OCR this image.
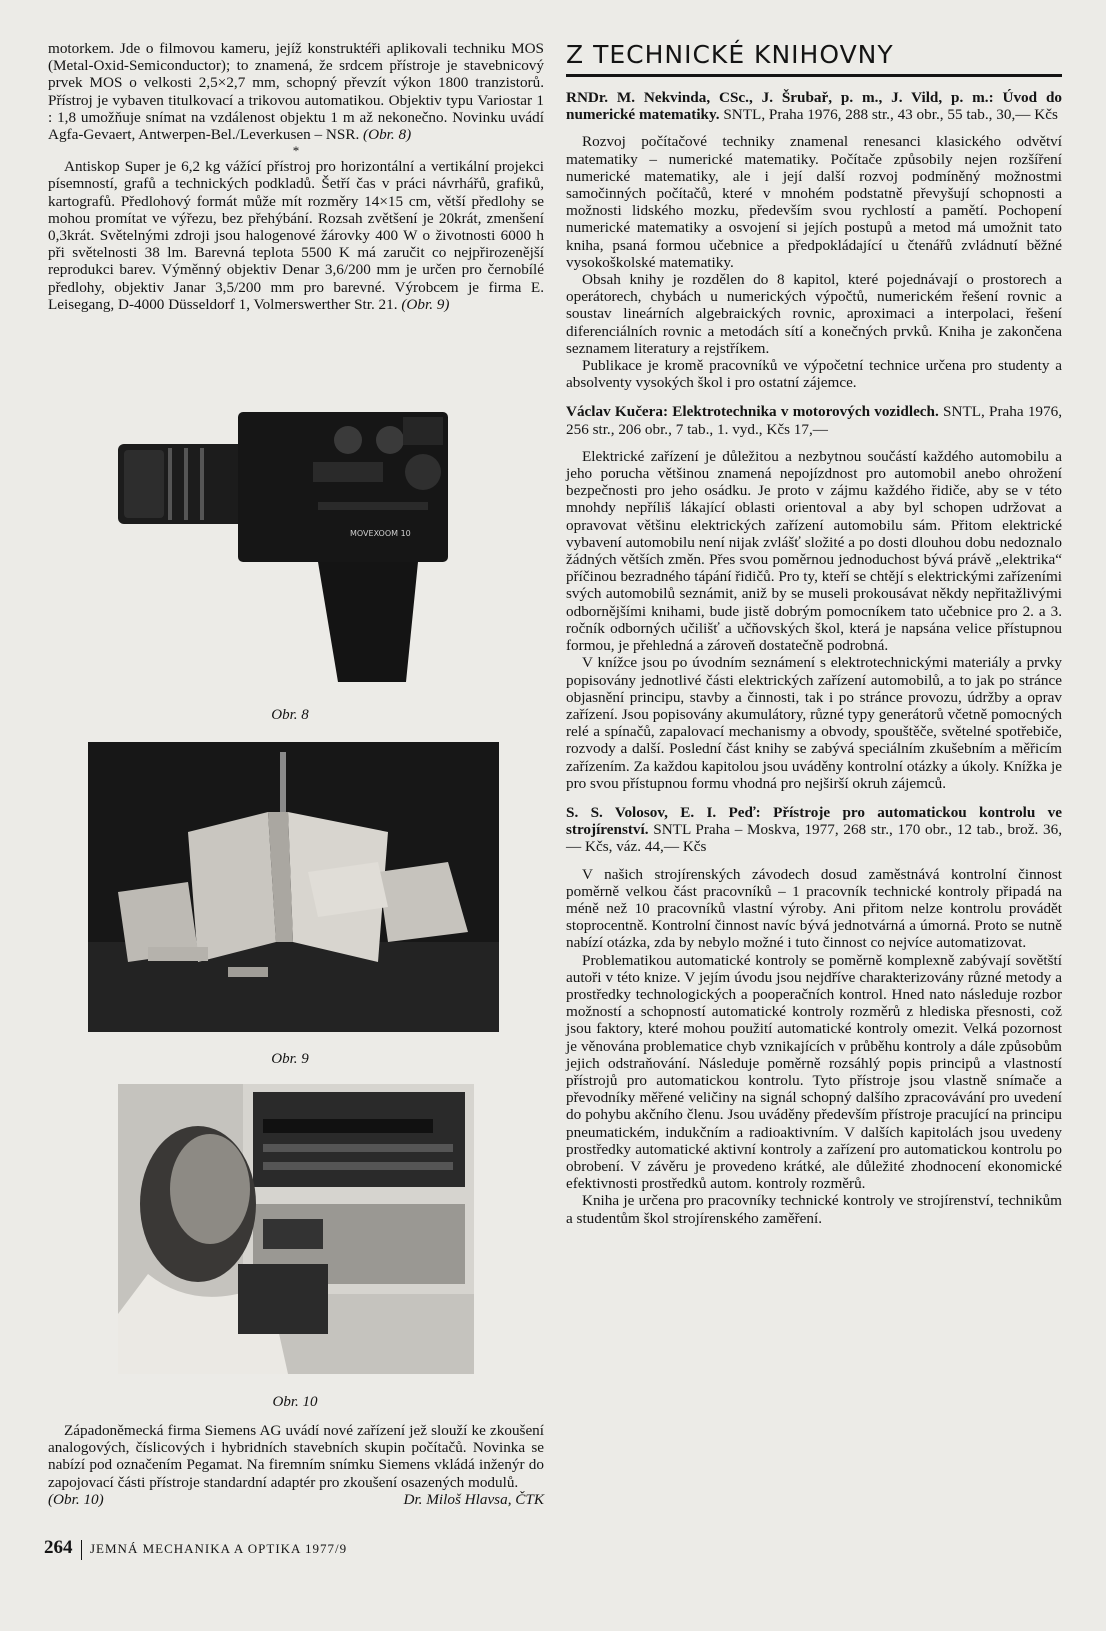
motorkem. Jde o filmovou kameru, jejíž konstruktéři aplikovali techniku MOS (Metal-Oxid-Semiconductor); to znamená, že srdcem přístroje je stavebnicový prvek MOS o velkosti 2,5×2,7 mm, schopný převzít výkon 1800 tranzistorů. Přístroj je vybaven titulkovací a trikovou automatikou. Objektiv typu Variostar 1 : 1,8 umožňuje snímat na vzdálenost objektu 1 m až nekonečno. Novinku uvádí Agfa-Gevaert, Antwerpen-Bel./Leverkusen – NSR. (Obr. 8)

*

Antiskop Super je 6,2 kg vážící přístroj pro horizontální a vertikální projekci písemností, grafů a technických podkladů. Šetří čas v práci návrhářů, grafiků, kartografů. Předlohový formát může mít rozměry 14×15 cm, větší předlohy se mohou promítat ve výřezu, bez přehýbání. Rozsah zvětšení je 20krát, zmenšení 0,3krát. Světelnými zdroji jsou halogenové žárovky 400 W o životnosti 6000 h při světelnosti 38 lm. Barevná teplota 5500 K má zaručit co nejpřirozenější reprodukci barev. Výměnný objektiv Denar 3,6/200 mm je určen pro černobílé předlohy, objektiv Janar 3,5/200 mm pro barevné. Výrobcem je firma E. Leisegang, D-4000 Düsseldorf 1, Volmerswerther Str. 21. (Obr. 9)

MOVEXOOM 10
Obr. 8
Obr. 9
Obr. 10

Západoněmecká firma Siemens AG uvádí nové zařízení jež slouží ke zkoušení analogových, číslicových i hybridních stavebních skupin počítačů. Novinka se nabízí pod označením Pegamat. Na firemním snímku Siemens vkládá inženýr do zapojovací části přístroje standardní adaptér pro zkoušení osazených modulů.

(Obr. 10)	Dr. Miloš Hlavsa, ČTK
Z TECHNICKÉ KNIHOVNY

RNDr. M. Nekvinda, CSc., J. Šrubař, p. m., J. Vild, p. m.: Úvod do numerické matematiky. SNTL, Praha 1976, 288 str., 43 obr., 55 tab., 30,— Kčs

Rozvoj počítačové techniky znamenal renesanci klasického odvětví matematiky – numerické matematiky. Počítače způsobily nejen rozšíření numerické matematiky, ale i její další rozvoj podmíněný možnostmi samočinných počítačů, které v mnohém podstatně převyšují schopnosti a možnosti lidského mozku, především svou rychlostí a pamětí. Pochopení numerické matematiky a osvojení si jejích postupů a metod má umožnit tato kniha, psaná formou učebnice a předpokládající u čtenářů zvládnutí běžné vysokoškolské matematiky.

Obsah knihy je rozdělen do 8 kapitol, které pojednávají o prostorech a operátorech, chybách u numerických výpočtů, numerickém řešení rovnic a soustav lineárních algebraických rovnic, aproximaci a interpolaci, řešení diferenciálních rovnic a metodách sítí a konečných prvků. Kniha je zakončena seznamem literatury a rejstříkem.

Publikace je kromě pracovníků ve výpočetní technice určena pro studenty a absolventy vysokých škol i pro ostatní zájemce.

Václav Kučera: Elektrotechnika v motorových vozidlech. SNTL, Praha 1976, 256 str., 206 obr., 7 tab., 1. vyd., Kčs 17,—

Elektrické zařízení je důležitou a nezbytnou součástí každého automobilu a jeho porucha většinou znamená nepojízdnost pro automobil anebo ohrožení bezpečnosti pro jeho osádku. Je proto v zájmu každého řidiče, aby se v této mnohdy nepříliš lákající oblasti orientoval a aby byl schopen udržovat a opravovat většinu elektrických zařízení automobilu sám. Přitom elektrické vybavení automobilu není nijak zvlášť složité a po dosti dlouhou dobu nedoznalo žádných větších změn. Přes svou poměrnou jednoduchost bývá právě „elektrika“ příčinou bezradného tápání řidičů. Pro ty, kteří se chtějí s elektrickými zařízeními svých automobilů seznámit, aniž by se museli prokousávat někdy nepřitažlivými odbornějšími knihami, bude jistě dobrým pomocníkem tato učebnice pro 2. a 3. ročník odborných učilišť a učňovských škol, která je napsána velice přístupnou formou, je přehledná a zároveň dostatečně podrobná.

V knížce jsou po úvodním seznámení s elektrotechnickými materiály a prvky popisovány jednotlivé části elektrických zařízení automobilů, a to jak po stránce objasnění principu, stavby a činnosti, tak i po stránce provozu, údržby a oprav zařízení. Jsou popisovány akumulátory, různé typy generátorů včetně pomocných relé a spínačů, zapalovací mechanismy a obvody, spouštěče, světelné spotřebiče, rozvody a další. Poslední část knihy se zabývá speciálním zkušebním a měřicím zařízením. Za každou kapitolou jsou uváděny kontrolní otázky a úkoly. Knížka je pro svou přístupnou formu vhodná pro nejširší okruh zájemců.

S. S. Volosov, E. I. Peď: Přístroje pro automatickou kontrolu ve strojírenství. SNTL Praha – Moskva, 1977, 268 str., 170 obr., 12 tab., brož. 36,— Kčs, váz. 44,— Kčs

V našich strojírenských závodech dosud zaměstnává kontrolní činnost poměrně velkou část pracovníků – 1 pracovník technické kontroly připadá na méně než 10 pracovníků vlastní výroby. Ani přitom nelze kontrolu provádět stoprocentně. Kontrolní činnost navíc bývá jednotvárná a úmorná. Proto se nutně nabízí otázka, zda by nebylo možné i tuto činnost co nejvíce automatizovat.

Problematikou automatické kontroly se poměrně komplexně zabývají sovětští autoři v této knize. V jejím úvodu jsou nejdříve charakterizovány různé metody a prostředky technologických a pooperačních kontrol. Hned nato následuje rozbor možností a schopností automatické kontroly rozměrů z hlediska přesnosti, což jsou faktory, které mohou použití automatické kontroly omezit. Velká pozornost je věnována problematice chyb vznikajících v průběhu kontroly a dále způsobům jejich odstraňování. Následuje poměrně rozsáhlý popis principů a vlastností přístrojů pro automatickou kontrolu. Tyto přístroje jsou vlastně snímače a převodníky měřené veličiny na signál schopný dalšího zpracovávání pro uvedení do pohybu akčního členu. Jsou uváděny především přístroje pracující na principu pneumatickém, indukčním a radioaktivním. V dalších kapitolách jsou uvedeny prostředky automatické aktivní kontroly a zařízení pro automatickou kontrolu po obrobení. V závěru je provedeno krátké, ale důležité zhodnocení ekonomické efektivnosti prostředků autom. kontroly rozměrů.

Kniha je určena pro pracovníky technické kontroly ve strojírenství, technikům a studentům škol strojírenského zaměření.

264 JEMNÁ MECHANIKA A OPTIKA 1977/9
